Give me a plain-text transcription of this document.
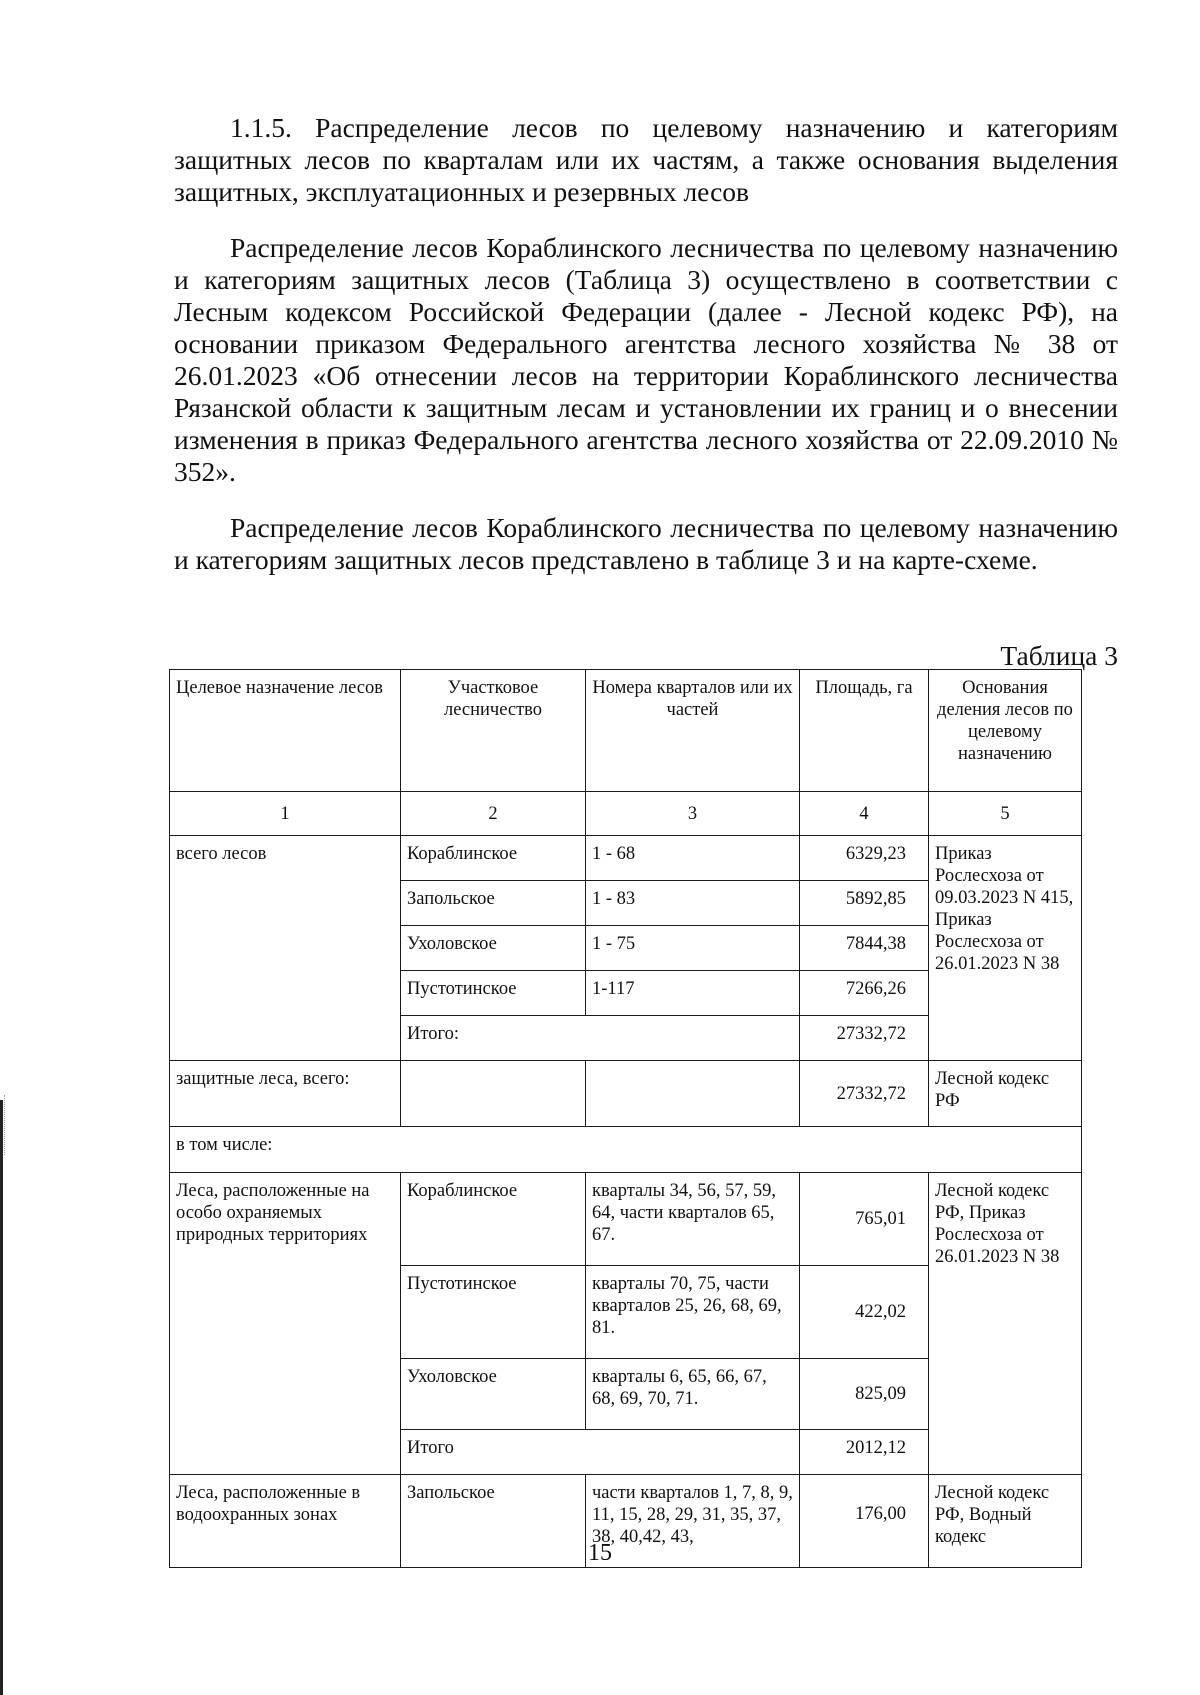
1.1.5. Распределение лесов по целевому назначению и категориям защитных лесов по кварталам или их частям, а также основания выделения защитных, эксплуатационных и резервных лесов
Распределение лесов Кораблинского лесничества по целевому назначению и категориям защитных лесов (Таблица 3) осуществлено в соответствии с Лесным кодексом Российской Федерации (далее - Лесной кодекс РФ), на основании приказом Федерального агентства лесного хозяйства № 38 от 26.01.2023 «Об отнесении лесов на территории Кораблинского лесничества Рязанской области к защитным лесам и установлении их границ и о внесении изменения в приказ Федерального агентства лесного хозяйства от 22.09.2010 № 352».
Распределение лесов Кораблинского лесничества по целевому назначению и категориям защитных лесов представлено в таблице 3 и на карте-схеме.
Таблица 3
Целевое назначение лесов	Участковое лесничество	Номера кварталов или их частей	Площадь, га	Основания деления лесов по целевому назначению
1	2	3	4	5
всего лесов	Кораблинское	1 - 68	6329,23	Приказ Рослесхоза от 09.03.2023 N 415, Приказ Рослесхоза от 26.01.2023 N 38
	Запольское	1 - 83	5892,85	
	Ухоловское	1 - 75	7844,38	
	Пустотинское	1-117	7266,26	
	Итого:		27332,72	
защитные леса, всего:			27332,72	Лесной кодекс РФ
в том числе:				
Леса, расположенные на особо охраняемых природных территориях	Кораблинское	кварталы 34, 56, 57, 59, 64, части кварталов 65, 67.	765,01	Лесной кодекс РФ, Приказ Рослесхоза от 26.01.2023 N 38
	Пустотинское	кварталы 70, 75, части кварталов 25, 26, 68, 69, 81.	422,02	
	Ухоловское	кварталы 6, 65, 66, 67, 68, 69, 70, 71.	825,09	
	Итого		2012,12	
Леса, расположенные в водоохранных зонах	Запольское	части кварталов 1, 7, 8, 9, 11, 15, 28, 29, 31, 35, 37, 38, 40,42, 43,	176,00	Лесной кодекс РФ, Водный кодекс
15
